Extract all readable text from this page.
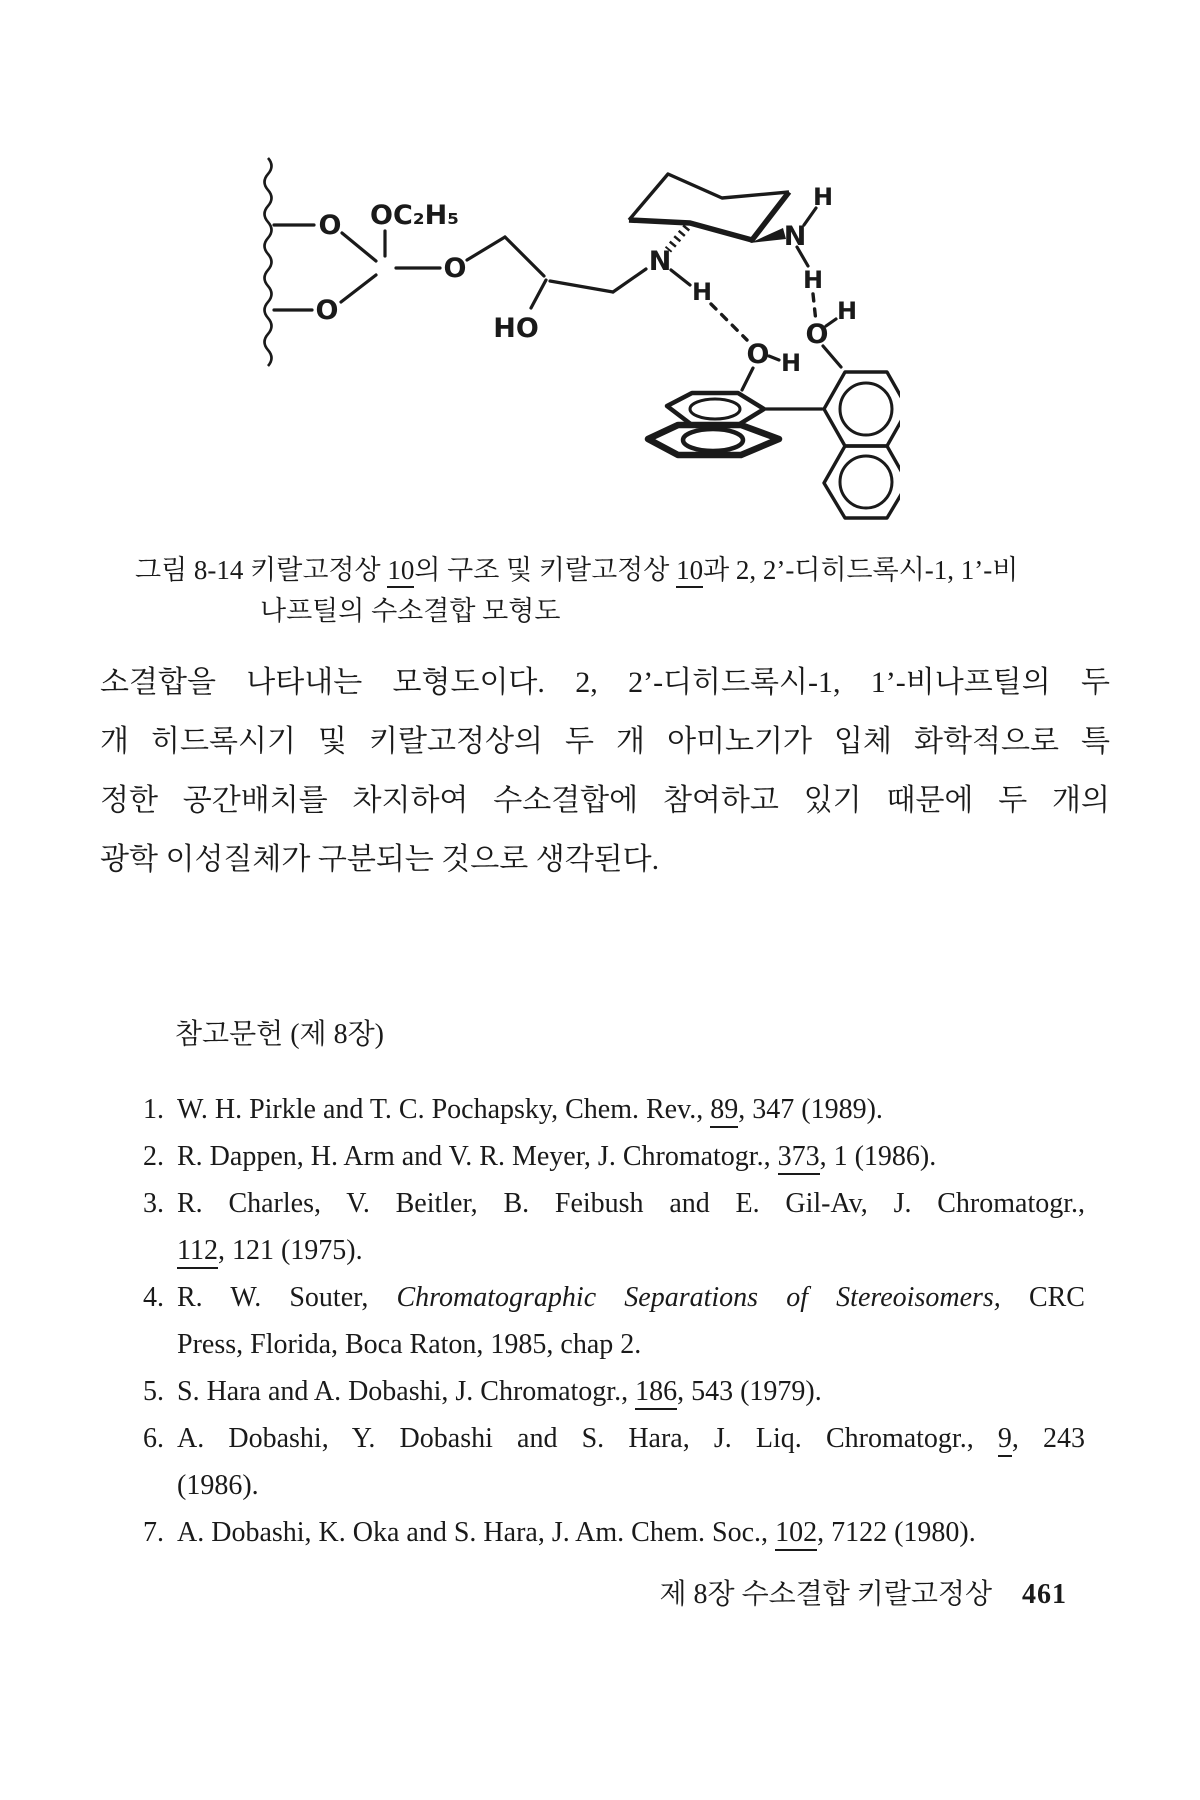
OC₂H₅
O
O
O
HO
N
H
N
H
H
O H
O
H
그림 8-14 키랄고정상 10의 구조 및 키랄고정상 10과 2, 2’-디히드록시-1, 1’-비
나프틸의 수소결합 모형도
소결합을 나타내는 모형도이다. 2, 2’-디히드록시-1, 1’-비나프틸의 두
개 히드록시기 및 키랄고정상의 두 개 아미노기가 입체 화학적으로 특
정한 공간배치를 차지하여 수소결합에 참여하고 있기 때문에 두 개의
광학 이성질체가 구분되는 것으로 생각된다.
참고문헌 (제 8장)
1. W. H. Pirkle and T. C. Pochapsky, Chem. Rev., 89, 347 (1989).
2. R. Dappen, H. Arm and V. R. Meyer, J. Chromatogr., 373, 1 (1986).
3. R. Charles, V. Beitler, B. Feibush and E. Gil-Av, J. Chromatogr.,
112, 121 (1975).
4. R. W. Souter, Chromatographic Separations of Stereoisomers, CRC
Press, Florida, Boca Raton, 1985, chap 2.
5. S. Hara and A. Dobashi, J. Chromatogr., 186, 543 (1979).
6. A. Dobashi, Y. Dobashi and S. Hara, J. Liq. Chromatogr., 9, 243
(1986).
7. A. Dobashi, K. Oka and S. Hara, J. Am. Chem. Soc., 102, 7122 (1980).
제 8장 수소결합 키랄고정상 461
